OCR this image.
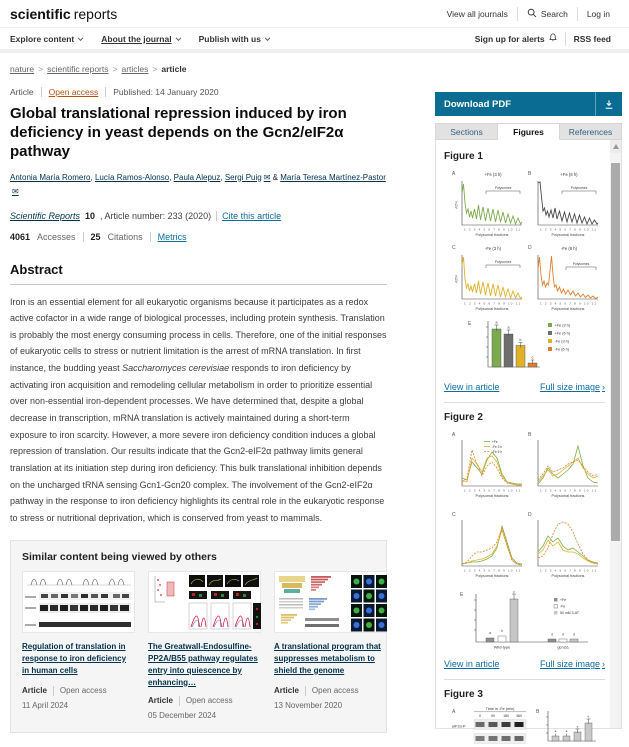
scientific reports	View all journals	Search	Log in
Explore content	About the journal	Publish with us	Sign up for alerts	RSS feed
nature > scientific reports > articles > article
Article Open access Published: 14 January 2020
Global translational repression induced by iron deficiency in yeast depends on the Gcn2/eIF2α pathway
Antonia María Romero, Lucía Ramos-Alonso, Paula Alepuz, Sergi Puig ✉ & María Teresa Martínez-Pastor✉
Scientific Reports 10 , Article number: 233 (2020) Cite this article
4061 Accesses 25 Citations Metrics
Abstract

Iron is an essential element for all eukaryotic organisms because it participates as a redox active cofactor in a wide range of biological processes, including protein synthesis. Translation is probably the most energy consuming process in cells. Therefore, one of the initial responses of eukaryotic cells to stress or nutrient limitation is the arrest of mRNA translation. In first instance, the budding yeast Saccharomyces cerevisiae responds to iron deficiency by activating iron acquisition and remodeling cellular metabolism in order to prioritize essential over non-essential iron-dependent processes. We have determined that, despite a global decrease in transcription, mRNA translation is actively maintained during a short-term exposure to iron scarcity. However, a more severe iron deficiency condition induces a global repression of translation. Our results indicate that the Gcn2-eIF2α pathway limits general translation at its initiation step during iron deficiency. This bulk translational inhibition depends on the uncharged tRNA sensing Gcn1-Gcn20 complex. The involvement of the Gcn2-eIF2α pathway in the response to iron deficiency highlights its central role in the eukaryotic response to stress or nutritional deprivation, which is conserved from yeast to mammals.

Similar content being viewed by others
Regulation of translation in response to iron deficiency in human cells
Article Open access
11 April 2024
The Greatwall-Endosulfine-PP2A/B55 pathway regulates entry into quiescence by enhancing…
Article Open access
05 December 2024
A translational program that suppresses metabolism to shield the genome
Article Open access
13 November 2020
Download PDF
Sections	Figures	References
Figure 1
A	+Fe (3 h)
A254
Polysomes
1 2 3 4 5 6 7 8 9 10 11
Polysomal fractions
B	+Fe (6 h)
Polysomes
1 2 3 4 5 6 7 8 9 10 11
Polysomal fractions
C	-Fe (3 h)
A254
Polysomes
1 2 3 4 5 6 7 8 9 10 11
Polysomal fractions
D	-Fe (6 h)
Polysomes
1 2 3 4 5 6 7 8 9 10 11
Polysomal fractions
E	a
a
b
c
+Fe (3 h)
+Fe (6 h)
-Fe (3 h)
-Fe (6 h)
View in article	Full size image ›
Figure 2
A
+Fe
-Fe 3 h
-Fe 6 h
1 2 3 4 5 6 7 8 9 10 11
Polysomal fractions
B
1 2 3 4 5 6 7 8 9 10 11
Polysomal fractions
C
1 2 3 4 5 6 7 8 9 10 11
Polysomal fractions
D
1 2 3 4 5 6 7 8 9 10 11
Polysomal fractions
E
a	b
c
d	d	d
Wild-type	gcn2Δ
+Fe
-Fe
50 mM 3-AT
View in article	Full size image ›
Figure 3
A	Time in -Fe (min)
0	90 180 360
eIF2α-P
B
a	a
a
b
